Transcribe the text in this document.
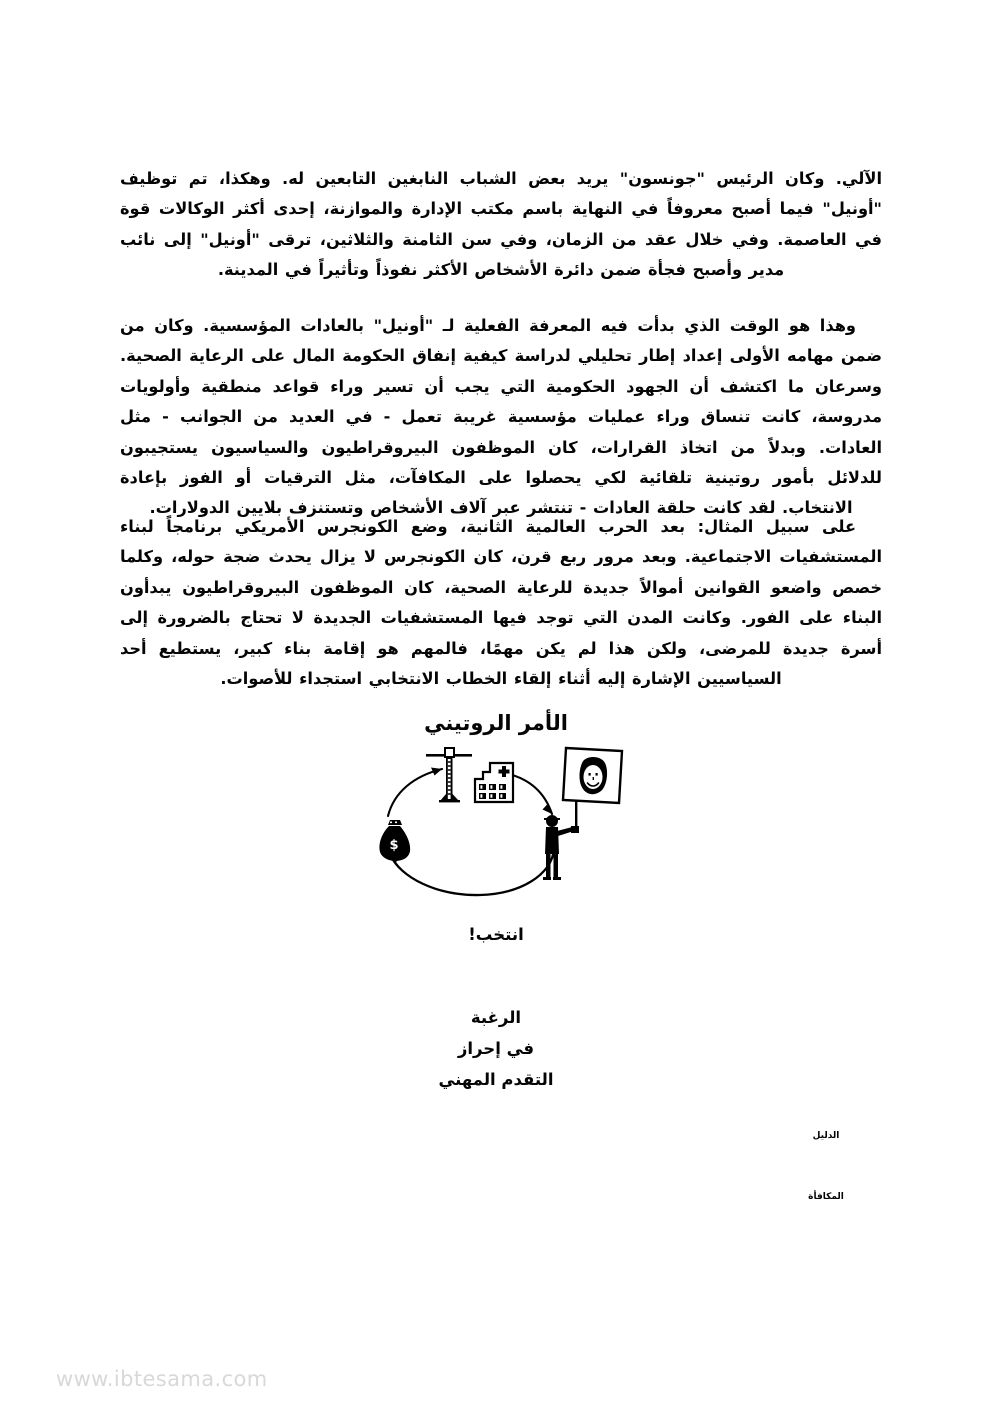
الآلي. وكان الرئيس "جونسون" يريد بعض الشباب النابغين التابعين له. وهكذا، تم توظيف "أونيل" فيما أصبح معروفاً في النهاية باسم مكتب الإدارة والموازنة، إحدى أكثر الوكالات قوة في العاصمة. وفي خلال عقد من الزمان، وفي سن الثامنة والثلاثين، ترقى "أونيل" إلى نائب مدير وأصبح فجأة ضمن دائرة الأشخاص الأكثر نفوذاً وتأثيراً في المدينة.

وهذا هو الوقت الذي بدأت فيه المعرفة الفعلية لـ "أونيل" بالعادات المؤسسية. وكان من ضمن مهامه الأولى إعداد إطار تحليلي لدراسة كيفية إنفاق الحكومة المال على الرعاية الصحية. وسرعان ما اكتشف أن الجهود الحكومية التي يجب أن تسير وراء قواعد منطقية وأولويات مدروسة، كانت تنساق وراء عمليات مؤسسية غريبة تعمل - في العديد من الجوانب - مثل العادات. وبدلاً من اتخاذ القرارات، كان الموظفون البيروقراطيون والسياسيون يستجيبون للدلائل بأمور روتينية تلقائية لكي يحصلوا على المكافآت، مثل الترقيات أو الفوز بإعادة الانتخاب. لقد كانت حلقة العادات - تنتشر عبر آلاف الأشخاص وتستنزف بلايين الدولارات.

على سبيل المثال: بعد الحرب العالمية الثانية، وضع الكونجرس الأمريكي برنامجاً لبناء المستشفيات الاجتماعية. وبعد مرور ربع قرن، كان الكونجرس لا يزال يحدث ضجة حوله، وكلما خصص واضعو القوانين أموالاً جديدة للرعاية الصحية، كان الموظفون البيروقراطيون يبدأون البناء على الفور. وكانت المدن التي توجد فيها المستشفيات الجديدة لا تحتاج بالضرورة إلى أسرة جديدة للمرضى، ولكن هذا لم يكن مهمًا، فالمهم هو إقامة بناء كبير، يستطيع أحد السياسيين الإشارة إليه أثناء إلقاء الخطاب الانتخابي استجداء للأصوات.

الأمر الروتيني
$
انتخب!
الرغبة
في إحراز
التقدم المهني
الدليل
المكافأة
www.ibtesama.com
